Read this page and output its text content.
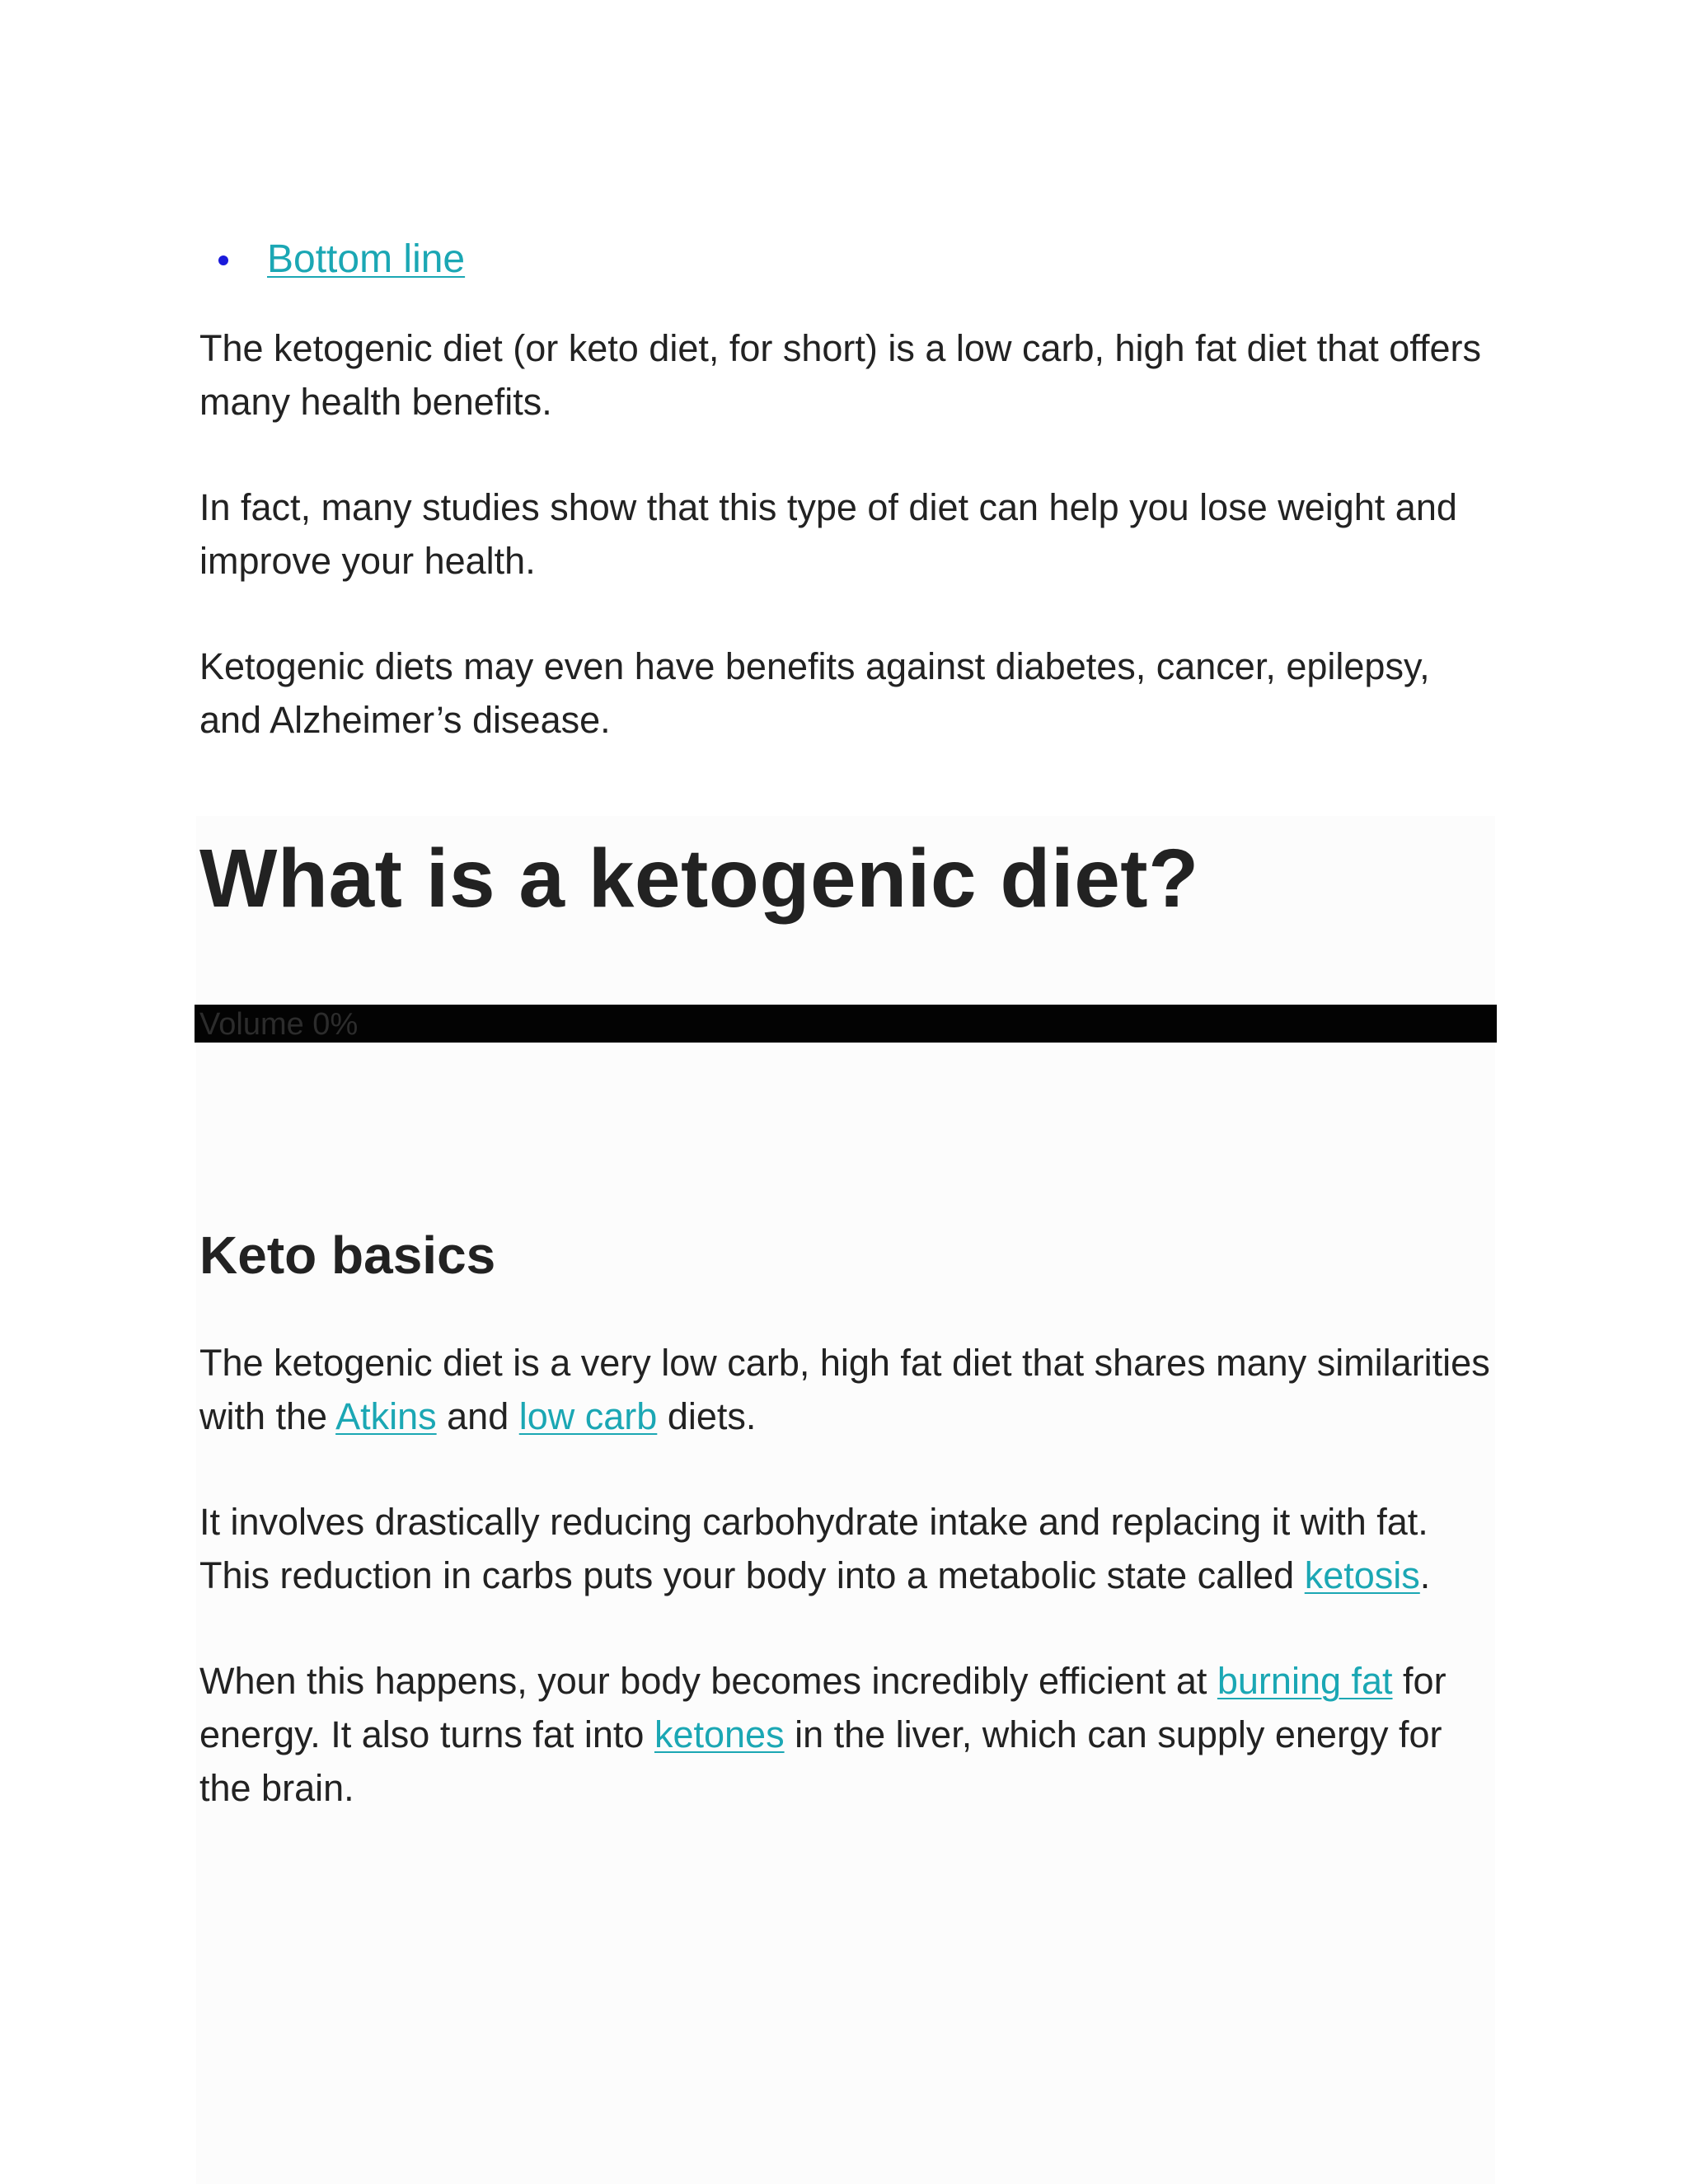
Bottom line

The ketogenic diet (or keto diet, for short) is a low carb, high fat diet that offers many health benefits.

In fact, many studies show that this type of diet can help you lose weight and improve your health.

Ketogenic diets may even have benefits against diabetes, cancer, epilepsy, and Alzheimer’s disease.

What is a ketogenic diet?
Volume 0%
Keto basics

The ketogenic diet is a very low carb, high fat diet that shares many similarities with the Atkins and low carb diets.

It involves drastically reducing carbohydrate intake and replacing it with fat. This reduction in carbs puts your body into a metabolic state called ketosis.

When this happens, your body becomes incredibly efficient at burning fat for energy. It also turns fat into ketones in the liver, which can supply energy for the brain.
